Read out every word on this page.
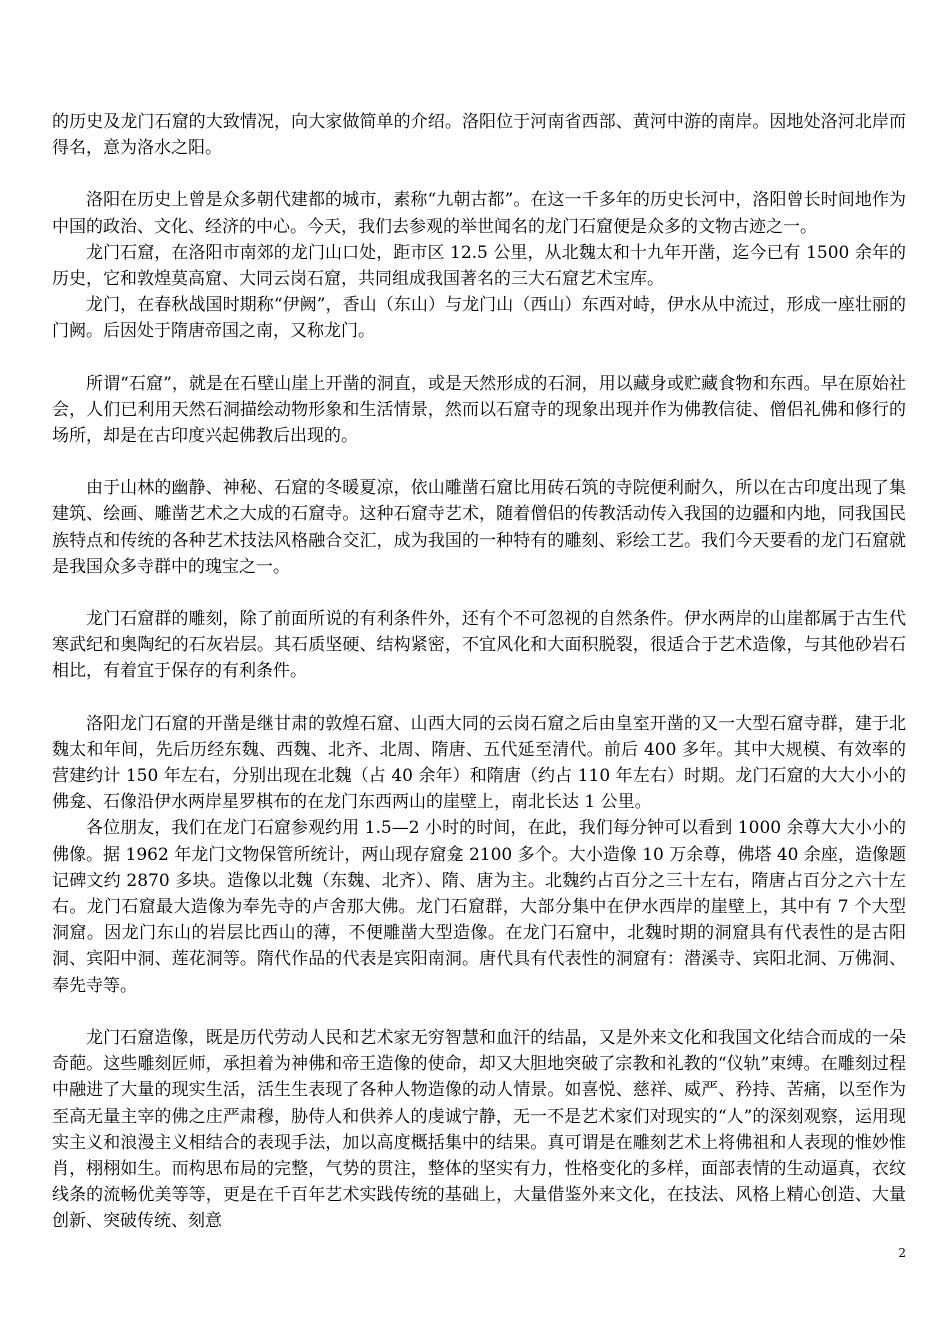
的历史及龙门石窟的大致情况，向大家做简单的介绍。洛阳位于河南省西部、黄河中游的南岸。因地处洛河北岸而得名，意为洛水之阳。

洛阳在历史上曾是众多朝代建都的城市，素称“九朝古都”。在这一千多年的历史长河中，洛阳曾长时间地作为中国的政治、文化、经济的中心。今天，我们去参观的举世闻名的龙门石窟便是众多的文物古迹之一。

龙门石窟，在洛阳市南郊的龙门山口处，距市区 12.5 公里，从北魏太和十九年开凿，迄今已有 1500 余年的历史，它和敦煌莫高窟、大同云岗石窟，共同组成我国著名的三大石窟艺术宝库。

龙门，在春秋战国时期称“伊阙”，香山（东山）与龙门山（西山）东西对峙，伊水从中流过，形成一座壮丽的门阙。后因处于隋唐帝国之南，又称龙门。

所谓“石窟”，就是在石壁山崖上开凿的洞直，或是天然形成的石洞，用以藏身或贮藏食物和东西。早在原始社会，人们已利用天然石洞描绘动物形象和生活情景，然而以石窟寺的现象出现并作为佛教信徒、僧侣礼佛和修行的场所，却是在古印度兴起佛教后出现的。

由于山林的幽静、神秘、石窟的冬暖夏凉，依山雕凿石窟比用砖石筑的寺院便利耐久，所以在古印度出现了集建筑、绘画、雕凿艺术之大成的石窟寺。这种石窟寺艺术，随着僧侣的传教活动传入我国的边疆和内地，同我国民族特点和传统的各种艺术技法风格融合交汇，成为我国的一种特有的雕刻、彩绘工艺。我们今天要看的龙门石窟就是我国众多寺群中的瑰宝之一。

龙门石窟群的雕刻，除了前面所说的有利条件外，还有个不可忽视的自然条件。伊水两岸的山崖都属于古生代寒武纪和奥陶纪的石灰岩层。其石质坚硬、结构紧密，不宜风化和大面积脱裂，很适合于艺术造像，与其他砂岩石相比，有着宜于保存的有利条件。

洛阳龙门石窟的开凿是继甘肃的敦煌石窟、山西大同的云岗石窟之后由皇室开凿的又一大型石窟寺群，建于北魏太和年间，先后历经东魏、西魏、北齐、北周、隋唐、五代延至清代。前后 400 多年。其中大规模、有效率的营建约计 150 年左右，分别出现在北魏（占 40 余年）和隋唐（约占 110 年左右）时期。龙门石窟的大大小小的佛龛、石像沿伊水两岸星罗棋布的在龙门东西两山的崖壁上，南北长达 1 公里。

各位朋友，我们在龙门石窟参观约用 1.5—2 小时的时间，在此，我们每分钟可以看到 1000 余尊大大小小的佛像。据 1962 年龙门文物保管所统计，两山现存窟龛 2100 多个。大小造像 10 万余尊，佛塔 40 余座，造像题记碑文约 2870 多块。造像以北魏（东魏、北齐）、隋、唐为主。北魏约占百分之三十左右，隋唐占百分之六十左右。龙门石窟最大造像为奉先寺的卢舍那大佛。龙门石窟群，大部分集中在伊水西岸的崖壁上，其中有 7 个大型洞窟。因龙门东山的岩层比西山的薄，不便雕凿大型造像。在龙门石窟中，北魏时期的洞窟具有代表性的是古阳洞、宾阳中洞、莲花洞等。隋代作品的代表是宾阳南洞。唐代具有代表性的洞窟有：潜溪寺、宾阳北洞、万佛洞、奉先寺等。

龙门石窟造像，既是历代劳动人民和艺术家无穷智慧和血汗的结晶，又是外来文化和我国文化结合而成的一朵奇葩。这些雕刻匠师，承担着为神佛和帝王造像的使命，却又大胆地突破了宗教和礼教的“仪轨”束缚。在雕刻过程中融进了大量的现实生活，活生生表现了各种人物造像的动人情景。如喜悦、慈祥、威严、矜持、苦痛，以至作为至高无量主宰的佛之庄严肃穆，胁侍人和供养人的虔诚宁静，无一不是艺术家们对现实的“人”的深刻观察，运用现实主义和浪漫主义相结合的表现手法，加以高度概括集中的结果。真可谓是在雕刻艺术上将佛祖和人表现的惟妙惟肖，栩栩如生。而构思布局的完整，气势的贯注，整体的坚实有力，性格变化的多样，面部表情的生动逼真，衣纹线条的流畅优美等等，更是在千百年艺术实践传统的基础上，大量借鉴外来文化，在技法、风格上精心创造、大量创新、突破传统、刻意

2
